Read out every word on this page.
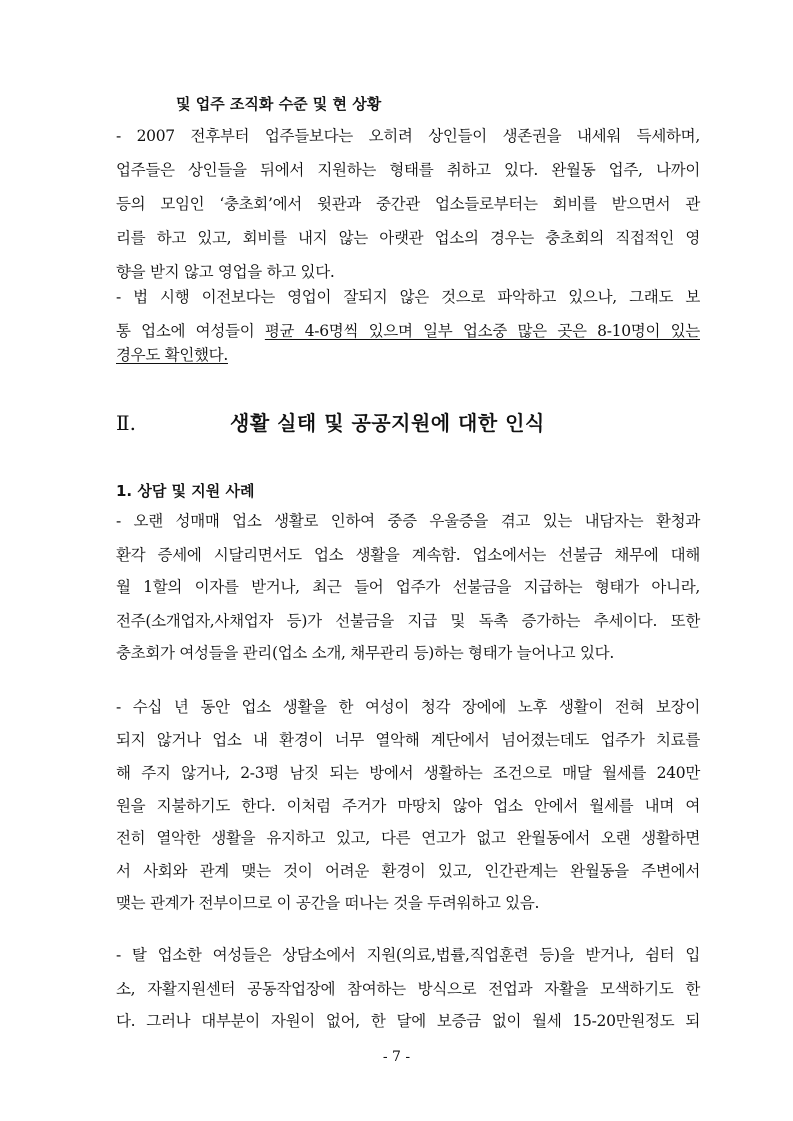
및 업주 조직화 수준 및 현 상황
- 2007 전후부터 업주들보다는 오히려 상인들이 생존권을 내세워 득세하며,
업주들은 상인들을 뒤에서 지원하는 형태를 취하고 있다. 완월동 업주, 나까이
등의 모임인 ‘충초회’에서 윗관과 중간관 업소들로부터는 회비를 받으면서 관
리를 하고 있고, 회비를 내지 않는 아랫관 업소의 경우는 충초회의 직접적인 영
향을 받지 않고 영업을 하고 있다.
- 법 시행 이전보다는 영업이 잘되지 않은 것으로 파악하고 있으나, 그래도 보
통 업소에 여성들이 평균 4-6명씩 있으며 일부 업소중 많은 곳은 8-10명이 있는
경우도 확인했다.
Ⅱ.	생활 실태 및 공공지원에 대한 인식
1. 상담 및 지원 사례
- 오랜 성매매 업소 생활로 인하여 중증 우울증을 겪고 있는 내담자는 환청과
환각 증세에 시달리면서도 업소 생활을 계속함. 업소에서는 선불금 채무에 대해
월 1할의 이자를 받거나, 최근 들어 업주가 선불금을 지급하는 형태가 아니라,
전주(소개업자,사채업자 등)가 선불금을 지급 및 독촉 증가하는 추세이다. 또한
충초회가 여성들을 관리(업소 소개, 채무관리 등)하는 형태가 늘어나고 있다.
- 수십 년 동안 업소 생활을 한 여성이 청각 장에에 노후 생활이 전혀 보장이
되지 않거나 업소 내 환경이 너무 열악해 계단에서 넘어졌는데도 업주가 치료를
해 주지 않거나, 2-3평 남짓 되는 방에서 생활하는 조건으로 매달 월세를 240만
원을 지불하기도 한다. 이처럼 주거가 마땅치 않아 업소 안에서 월세를 내며 여
전히 열악한 생활을 유지하고 있고, 다른 연고가 없고 완월동에서 오랜 생활하면
서 사회와 관계 맺는 것이 어려운 환경이 있고, 인간관계는 완월동을 주변에서
맺는 관계가 전부이므로 이 공간을 떠나는 것을 두려워하고 있음.
- 탈 업소한 여성들은 상담소에서 지원(의료,법률,직업훈련 등)을 받거나, 쉼터 입
소, 자활지원센터 공동작업장에 참여하는 방식으로 전업과 자활을 모색하기도 한
다. 그러나 대부분이 자원이 없어, 한 달에 보증금 없이 월세 15-20만원정도 되
- 7 -
